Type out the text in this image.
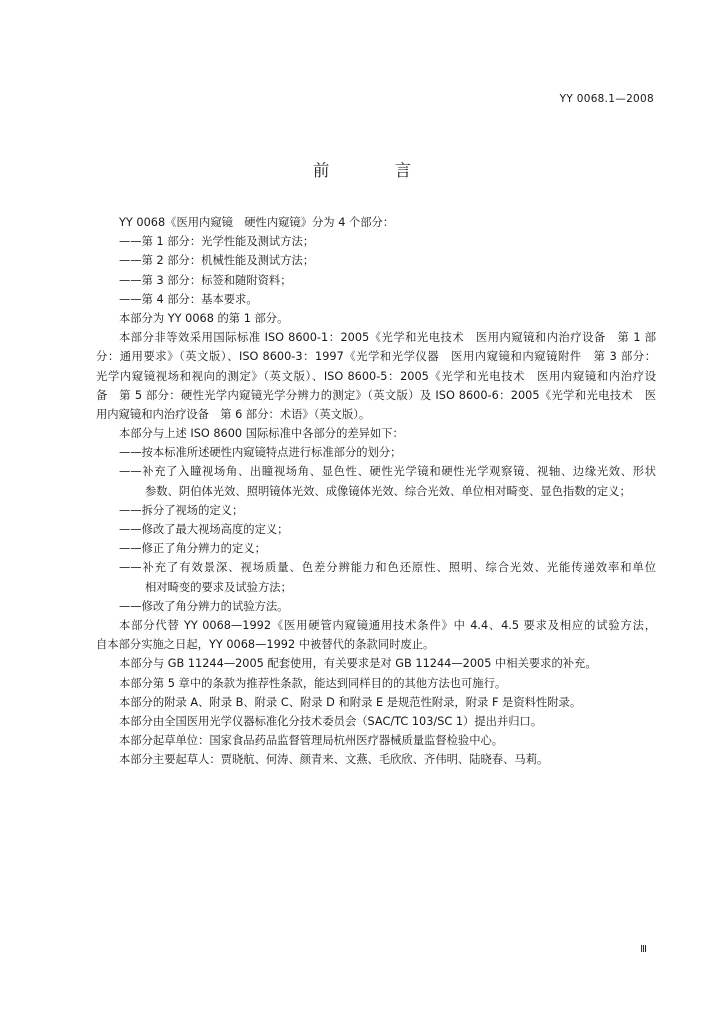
YY 0068.1—2008
前 言
YY 0068《医用内窥镜　硬性内窥镜》分为 4 个部分：
——第 1 部分：光学性能及测试方法；
——第 2 部分：机械性能及测试方法；
——第 3 部分：标签和随附资料；
——第 4 部分：基本要求。
本部分为 YY 0068 的第 1 部分。
本部分非等效采用国际标准 ISO 8600-1：2005《光学和光电技术　医用内窥镜和内治疗设备　第 1 部
分：通用要求》（英文版）、ISO 8600-3：1997《光学和光学仪器　医用内窥镜和内窥镜附件　第 3 部分：
光学内窥镜视场和视向的测定》（英文版）、ISO 8600-5：2005《光学和光电技术　医用内窥镜和内治疗设
备　第 5 部分：硬性光学内窥镜光学分辨力的测定》（英文版）及 ISO 8600-6：2005《光学和光电技术　医
用内窥镜和内治疗设备　第 6 部分：术语》（英文版）。
本部分与上述 ISO 8600 国际标准中各部分的差异如下：
——按本标准所述硬性内窥镜特点进行标准部分的划分；
——补充了入瞳视场角、出瞳视场角、显色性、硬性光学镜和硬性光学观察镜、视轴、边缘光效、形状
参数、阴伯体光效、照明镜体光效、成像镜体光效、综合光效、单位相对畸变、显色指数的定义；
——拆分了视场的定义；
——修改了最大视场高度的定义；
——修正了角分辨力的定义；
——补充了有效景深、视场质量、色差分辨能力和色还原性、照明、综合光效、光能传递效率和单位
相对畸变的要求及试验方法；
——修改了角分辨力的试验方法。
本部分代替 YY 0068—1992《医用硬管内窥镜通用技术条件》中 4.4、4.5 要求及相应的试验方法，
自本部分实施之日起，YY 0068—1992 中被替代的条款同时废止。
本部分与 GB 11244—2005 配套使用，有关要求是对 GB 11244—2005 中相关要求的补充。
本部分第 5 章中的条款为推荐性条款，能达到同样目的的其他方法也可施行。
本部分的附录 A、附录 B、附录 C、附录 D 和附录 E 是规范性附录，附录 F 是资料性附录。
本部分由全国医用光学仪器标准化分技术委员会（SAC/TC 103/SC 1）提出并归口。
本部分起草单位：国家食品药品监督管理局杭州医疗器械质量监督检验中心。
本部分主要起草人：贾晓航、何涛、颜青来、文燕、毛欣欣、齐伟明、陆晓春、马莉。
Ⅲ
